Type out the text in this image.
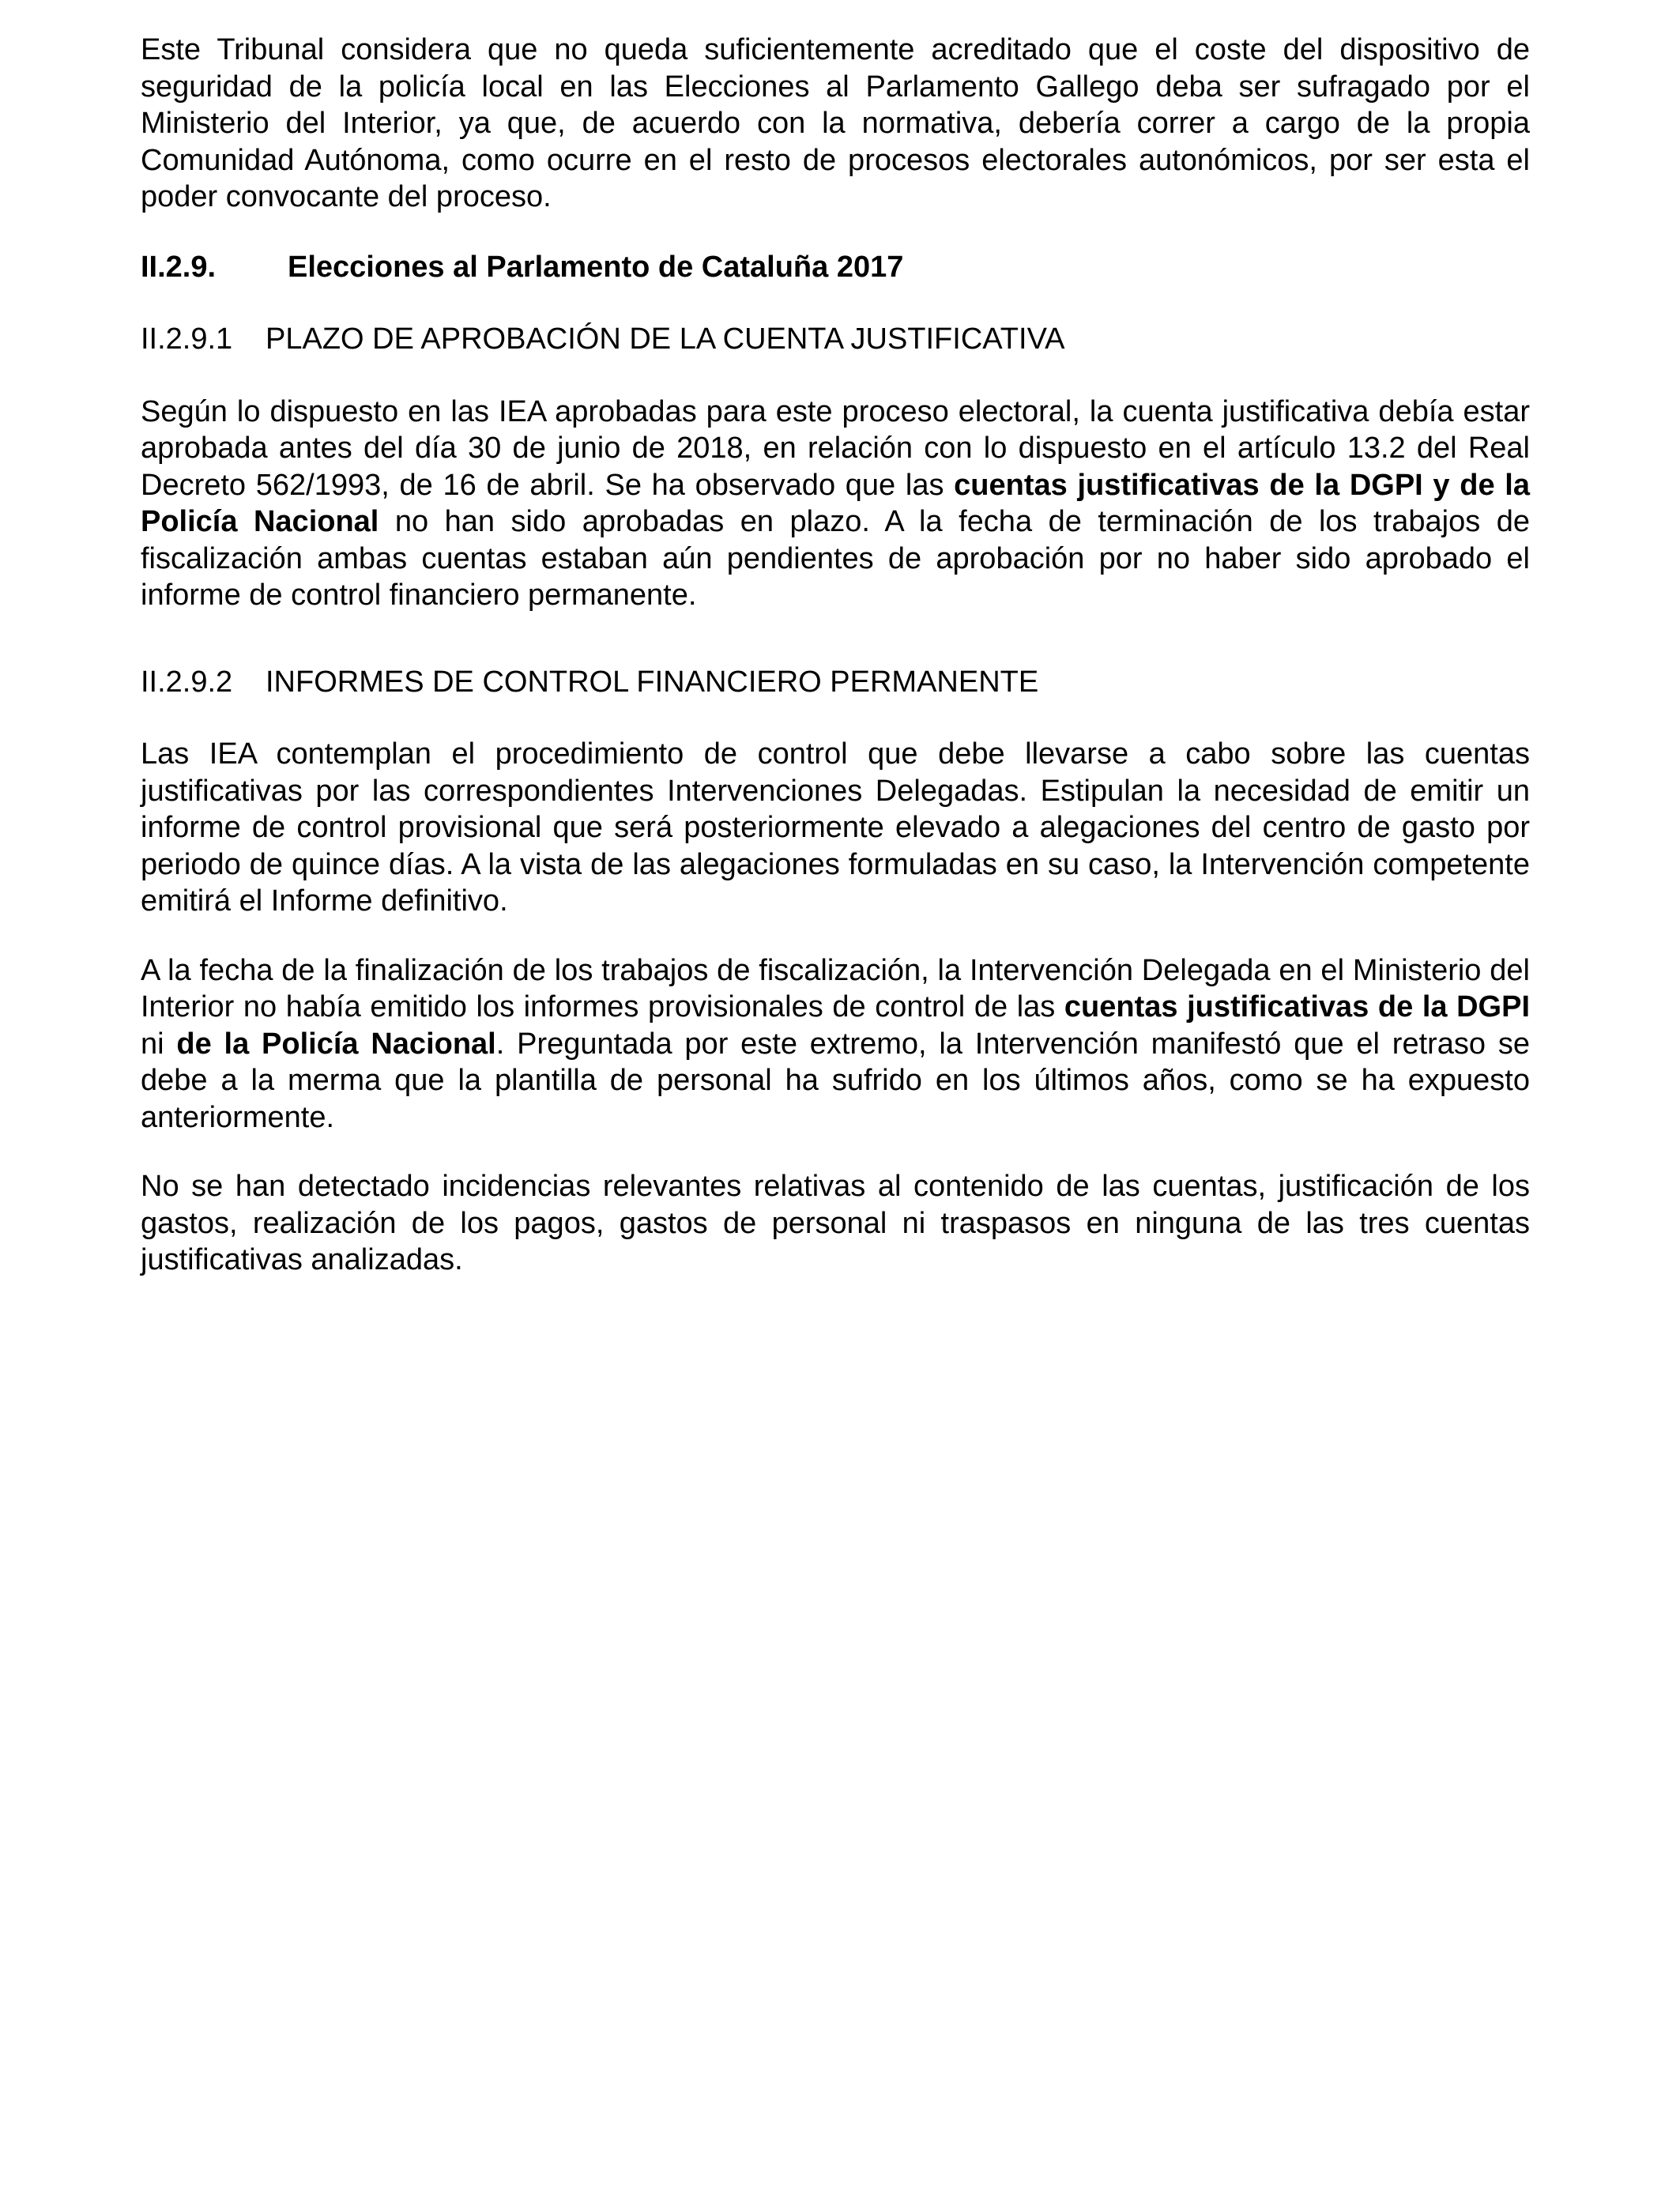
Este Tribunal considera que no queda suficientemente acreditado que el coste del dispositivo de seguridad de la policía local en las Elecciones al Parlamento Gallego deba ser sufragado por el Ministerio del Interior, ya que, de acuerdo con la normativa, debería correr a cargo de la propia Comunidad Autónoma, como ocurre en el resto de procesos electorales autonómicos, por ser esta el poder convocante del proceso.

II.2.9.	Elecciones al Parlamento de Cataluña 2017
II.2.9.1	PLAZO DE APROBACIÓN DE LA CUENTA JUSTIFICATIVA

Según lo dispuesto en las IEA aprobadas para este proceso electoral, la cuenta justificativa debía estar aprobada antes del día 30 de junio de 2018, en relación con lo dispuesto en el artículo 13.2 del Real Decreto 562/1993, de 16 de abril. Se ha observado que las cuentas justificativas de la DGPI y de la Policía Nacional no han sido aprobadas en plazo. A la fecha de terminación de los trabajos de fiscalización ambas cuentas estaban aún pendientes de aprobación por no haber sido aprobado el informe de control financiero permanente.

II.2.9.2	INFORMES DE CONTROL FINANCIERO PERMANENTE

Las IEA contemplan el procedimiento de control que debe llevarse a cabo sobre las cuentas justificativas por las correspondientes Intervenciones Delegadas. Estipulan la necesidad de emitir un informe de control provisional que será posteriormente elevado a alegaciones del centro de gasto por periodo de quince días. A la vista de las alegaciones formuladas en su caso, la Intervención competente emitirá el Informe definitivo.

A la fecha de la finalización de los trabajos de fiscalización, la Intervención Delegada en el Ministerio del Interior no había emitido los informes provisionales de control de las cuentas justificativas de la DGPI ni de la Policía Nacional. Preguntada por este extremo, la Intervención manifestó que el retraso se debe a la merma que la plantilla de personal ha sufrido en los últimos años, como se ha expuesto anteriormente.

No se han detectado incidencias relevantes relativas al contenido de las cuentas, justificación de los gastos, realización de los pagos, gastos de personal ni traspasos en ninguna de las tres cuentas justificativas analizadas.
